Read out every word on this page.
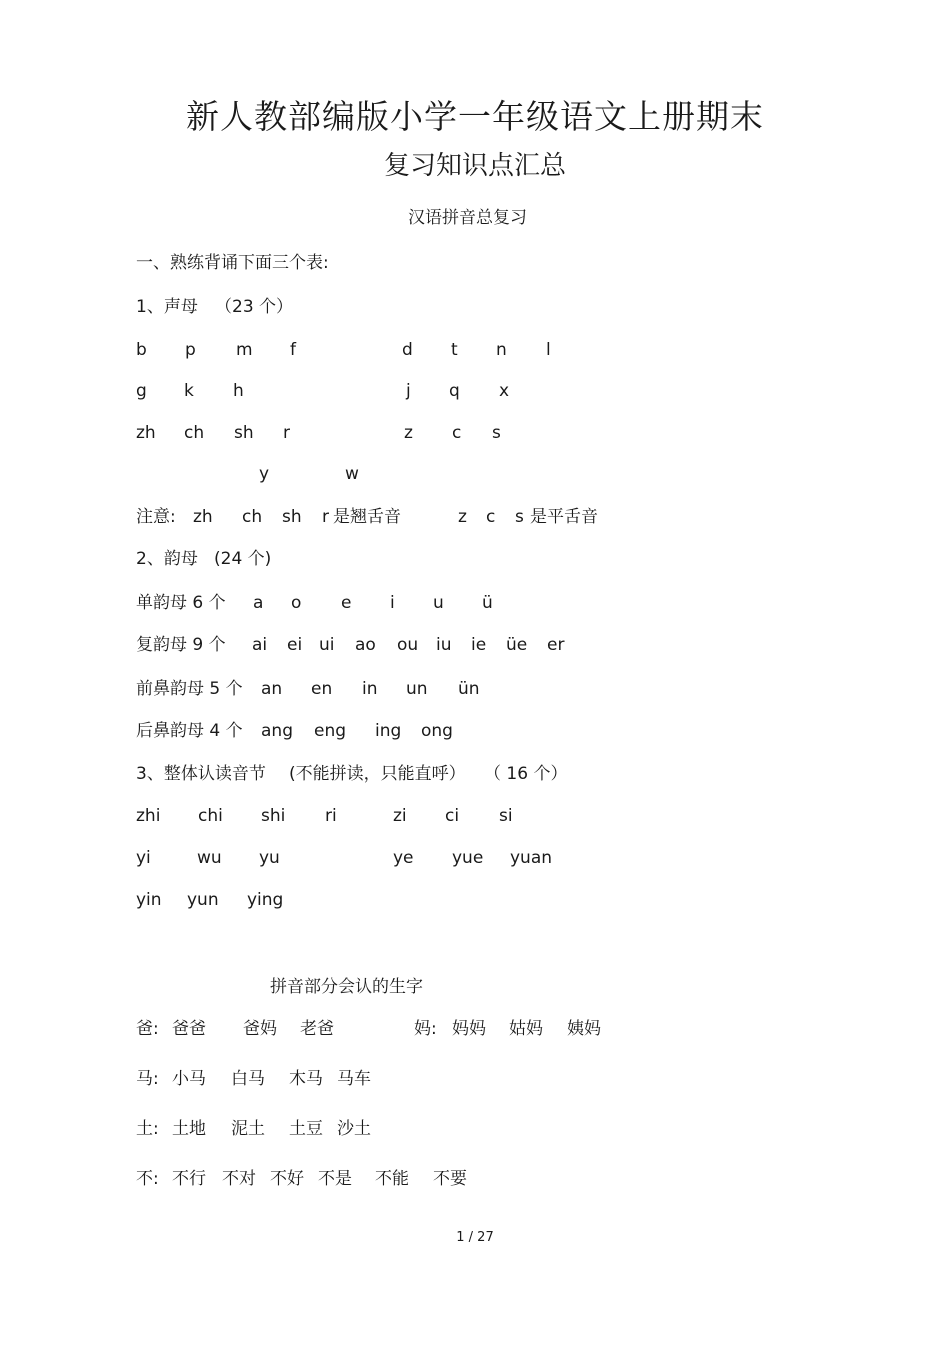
新人教部编版小学一年级语文上册期末
复习知识点汇总
汉语拼音总复习
一、熟练背诵下面三个表:
1、声母 （23 个）
b p m f	d t n l
g k h	j q x
zh ch sh r	z c s
y	w
注意: zh ch sh r 是翘舌音	z c s 是平舌音
2、韵母 (24 个)
单韵母 6 个 a o e i u ü
复韵母 9 个 ai ei ui ao ou iu ie üe er
前鼻韵母 5 个 an en in un ün
后鼻韵母 4 个 ang eng ing ong
3、整体认读音节 (不能拼读，只能直呼） （ 16 个）
zhi chi shi ri	zi ci si
yi	wu yu	ye yue yuan
yin yun ying
拼音部分会认的生字
爸: 爸爸 爸妈 老爸	妈: 妈妈 姑妈 姨妈
马: 小马 白马 木马 马车
土: 土地 泥土 土豆 沙土
不: 不行 不对 不好 不是 不能 不要
1 / 27
